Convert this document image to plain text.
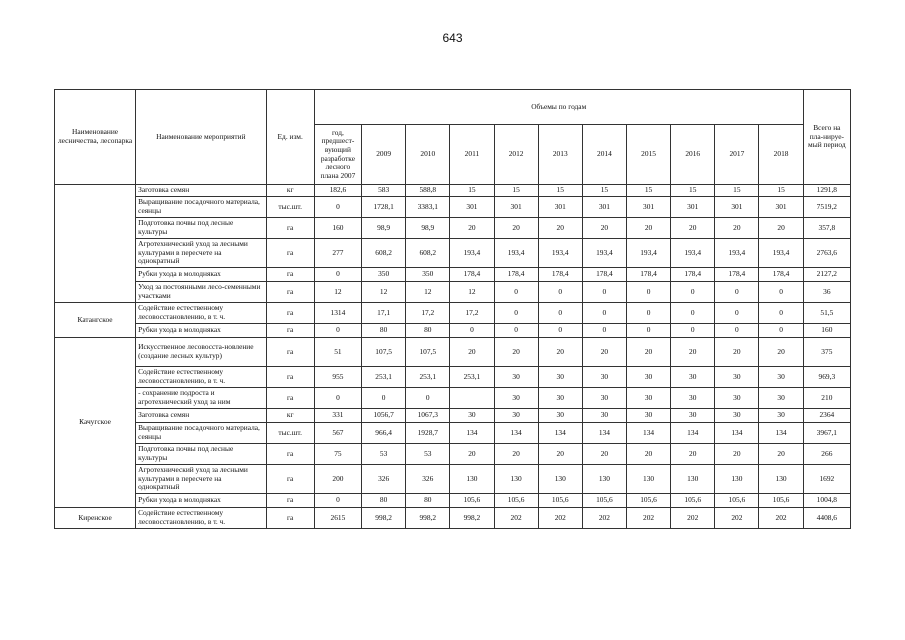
643
Наименование лесничества, лесопарка	Наименование мероприятий	Ед. изм.	Объемы по годам											Всего на пла-нируе-мый период
			год, предшест-вующий разработке лесного плана 2007	2009	2010	2011	2012	2013	2014	2015	2016	2017	2018	
	Заготовка семян	кг	182,6	583	588,8	15	15	15	15	15	15	15	15	1291,8
	Выращивание посадочного материала, сеянцы	тыс.шт.	0	1728,1	3383,1	301	301	301	301	301	301	301	301	7519,2
	Подготовка почвы под лесные культуры	га	160	98,9	98,9	20	20	20	20	20	20	20	20	357,8
	Агротехнический уход за лесными культурами в пересчете на однократный	га	277	608,2	608,2	193,4	193,4	193,4	193,4	193,4	193,4	193,4	193,4	2763,6
	Рубки ухода в молодняках	га	0	350	350	178,4	178,4	178,4	178,4	178,4	178,4	178,4	178,4	2127,2
	Уход за постоянными лесо-семенными участками	га	12	12	12	12	0	0	0	0	0	0	0	36
Катангское	Содействие естественному лесовосстановлению, в т. ч.	га	1314	17,1	17,2	17,2	0	0	0	0	0	0	0	51,5
	Рубки ухода в молодняках	га	0	80	80	0	0	0	0	0	0	0	0	160
Качугское	Искусственное лесовосста-новление (создание лесных культур)	га	51	107,5	107,5	20	20	20	20	20	20	20	20	375
	Содействие естественному лесовосстановлению, в т. ч.	га	955	253,1	253,1	253,1	30	30	30	30	30	30	30	969,3
	- сохранение подроста и агротехнический уход за ним	га	0	0	0		30	30	30	30	30	30	30	210
	Заготовка семян	кг	331	1056,7	1067,3	30	30	30	30	30	30	30	30	2364
	Выращивание посадочного материала, сеянцы	тыс.шт.	567	966,4	1928,7	134	134	134	134	134	134	134	134	3967,1
	Подготовка почвы под лесные культуры	га	75	53	53	20	20	20	20	20	20	20	20	266
	Агротехнический уход за лесными культурами в пересчете на однократный	га	200	326	326	130	130	130	130	130	130	130	130	1692
	Рубки ухода в молодняках	га	0	80	80	105,6	105,6	105,6	105,6	105,6	105,6	105,6	105,6	1004,8
Киренское	Содействие естественному лесовосстановлению, в т. ч.	га	2615	998,2	998,2	998,2	202	202	202	202	202	202	202	4408,6
